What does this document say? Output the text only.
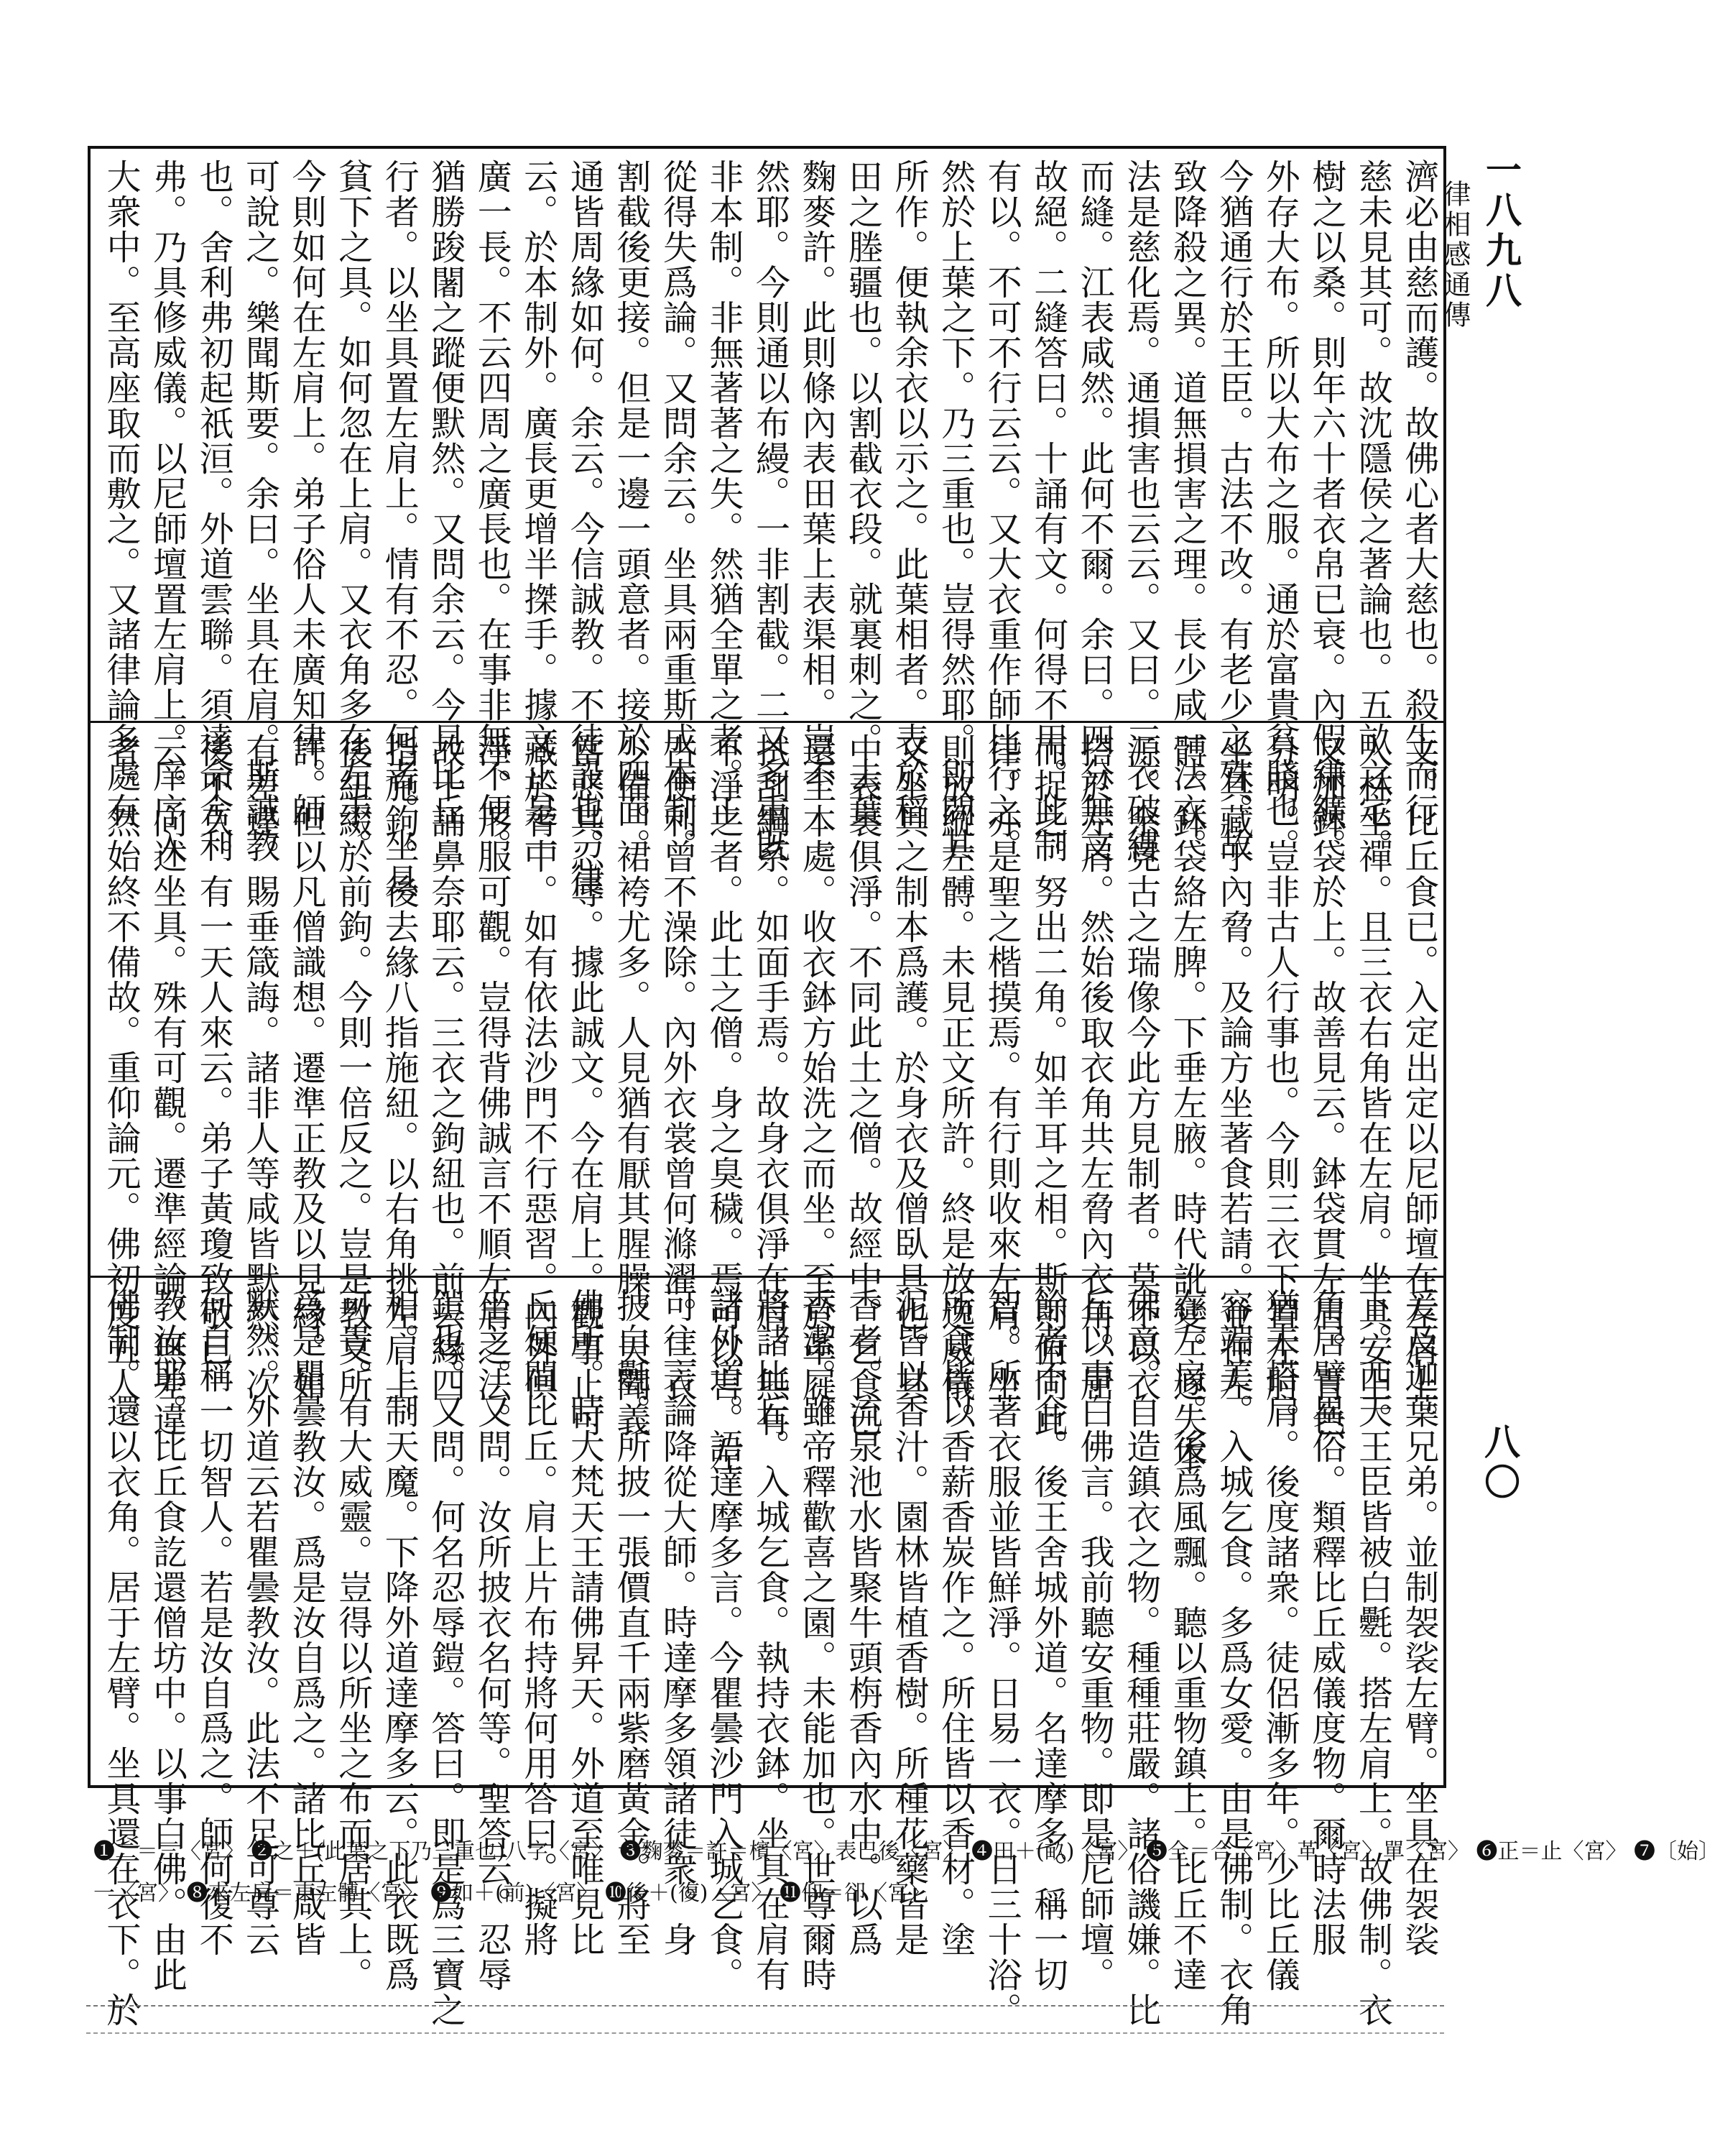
一八九八
律相感通傳
八〇
濟必由慈而護。故佛心者大慈也。殺生而行
慈未見其可。故沈隱侯之著論也。五畝之宅。
樹之以桑。則年六十者衣帛已衰。內假縑纊。
外存大布。所以大布之服。通於富貴貧賤也。
今猶通行於王臣。古法不改。有老少之殊。故
致降殺之異。道無損害之理。長少咸一法衣。
法是慈化焉。通損害也云云。又曰。三衣破縷
而縫。江表咸然。此何不爾。余曰。四分無文
故絕。二縫答曰。十誦有文。何得不用。此制
有以。不可不行云云。又大衣重作師比行之。
然於上葉之下。乃三重也。豈得然耶。即問其
所作。便執余衣以示之。此葉相者。表於稻
田之塍疆也。以割截衣段。就裏刺之。去葉
麴麥許。此則條內表田葉上表渠相。豈不
然耶。今則通以布縵。一非割截。二又多重既
非本制。非無著著之失。然猶全單之者。正
從得失爲論。又問余云。坐具兩重斯成本制。
割截後更接。但是一邊一頭意者。接於四面。
通皆周緣如何。余云。今信誠教。不徒設也。律
云。於本制外。廣長更增半搩手。據文止是一
廣一長。不云四周之廣長也。在事非無不便。
猶勝踆闍之蹤便默然。又問余云。今見比丘
行者。以坐具置左肩上。情有不忍。何者。坐具
貧下之具。如何忽在上肩。又衣角多在左手。
今則如何在左肩上。弟子俗人未廣知律。師
可說之。樂聞斯要。余曰。坐具在肩。斯誠教
也。舍利弗初起祇洹。外道雲聯。須達命舍利
弗。乃具修威儀。以尼師壇置左肩上。庠序入
大衆中。至高座取而敷之。又諸律論多處有
文。比丘食已。入定出定以尼師壇在左肩上。
入林坐禪。且三衣右角皆在左肩。坐具安上。
又加鉢袋於上。故善見云。鉢袋貫左肩。青色
分明。豈非古人行事也。今則三衣下置左肘。
坐具藏于內脅。及論方坐著食若請。並在左
髆。鉢袋絡左脾。下垂左腋。時代訛變。遂失本
源。余見古之瑞像今此方見制者。莫不以衣
搭於左肩。然始後取衣角共左脅內衣角。屈
而捉之。努出二角。如羊耳之相。斯則俯同此
律。亦是聖之楷摸焉。有行則收來左肩。坐
則放縱左髆。未見正文所許。終是放逸威儀。
又坐具之制本爲護。於身衣及僧臥具也。其
中表裏俱淨。不同此土之僧。故經中。乞食已
還至本處。收衣鉢方始洗之而坐。至於革屣。
拭刮綱系。如面手焉。故身衣俱淨在肩。無有
不淨之者。此土之僧。身之臭穢。焉可以言。左
古便利曾不澡除。內外衣裳曾何滌濯。三衣
少備。裙袴尤多。人見猶有厭其腥臊。天聞義
當悲其忍辱。據此誠文。今在肩上。觀事止可
藏於脅中。如有依法沙門不行惡習。內外俱
淨。形服可觀。豈得背佛誠言不順左肩之法。
故十誦鼻奈耶云。三衣之鉤紐也。前去緣四
指施鉤。後去緣八指施紐。以右角挑左肩上。
後紐綴於前鉤。今則一倍反之。豈是教文所
許。但以凡僧識想。遷準正教及以見緣。如
有差違。賜垂箴誨。諸非人等咸皆默然。次
後不久。有一天人來云。弟子黃瓊致敬已
云。向述坐具。殊有可觀。遷準經論。無差違
者。然始終不備故。重仰論元。佛初度五人。
爰及迦葉兄弟。並制袈裟左臂。坐具在袈裟
下。西天王臣皆被白氎。搭左肩上。故佛制。衣
角居臂異俗。類釋比丘威儀度物。爾時法服
猶未搭肩。後度諸衆。徒侶漸多年。少比丘儀
容端美。入城乞食。多爲女愛。由是佛制。衣角
在左肩。後爲風飄。聽以重物鎮上。比丘不達
佛意。自造鎮衣之物。種種莊嚴。諸俗譏嫌。比
丘以事白佛言。我前聽安重物。即是尼師壇。
餘者不合。後王舍城外道。名達摩多。稱一切
智。所著衣服並皆鮮淨。日易一衣。日三十浴。
所食皆以香薪香炭作之。所住皆以香材。塗
泥皆以香汁。園林皆植香樹。所種花藥皆是
香者。流泉池水皆聚牛頭栴香內水中。以爲
香潔。雖帝釋歡喜之園。未能加也。世尊爾時
將諸比丘。入城乞食。執持衣鉢。坐具在肩有
諸外道。語達摩多言。今瞿曇沙門入城乞食。
可往言論降從大師。時達摩多領諸徒衆。身
披白氎。所披一張價直千兩紫磨黃金。將至
佛所。時大梵天王請佛昇天。外道至唯見比
丘便問比丘。肩上片布持將何用答曰。擬將
坐之。又問。汝所披衣名何等。聖答云。忍辱
鎧也。又問。何名忍辱鎧。答曰。即是爲三寶之
相。上制天魔。下降外道達摩多云。此衣既爲
可貴。有大威靈。豈得以所坐之布而居其上。
爲是瞿曇教汝。爲是汝自爲之。諸比丘咸皆
默然。外道云若瞿曇教汝。此法不足可尊云
何自稱一切智人。若是汝自爲之。師何復不
教汝耶。比丘食訖還僧坊中。以事白佛。由此
佛制。還以衣角。居于左臂。坐具還在衣下。於
❶二＝三〈宮〉 ❷之＋(此葉之下乃三重也)八字〈宮〉 ❸麴麥＝許＝檳〈宮〉表巳後〈宮〉 ❹田＋(畝)〈宮〉 ❺全＝合〈宮〉革〈宮〉單〈宮〉 ❻正＝止〈宮〉 ❼〔始〕
一〈宮〉 ❽來左肩＝東左髆〈宮〉 ❾如＋(前)〈宮〉 ❿後＋(復)〈宮〉 ⓫仰＝卻〈宮〉
